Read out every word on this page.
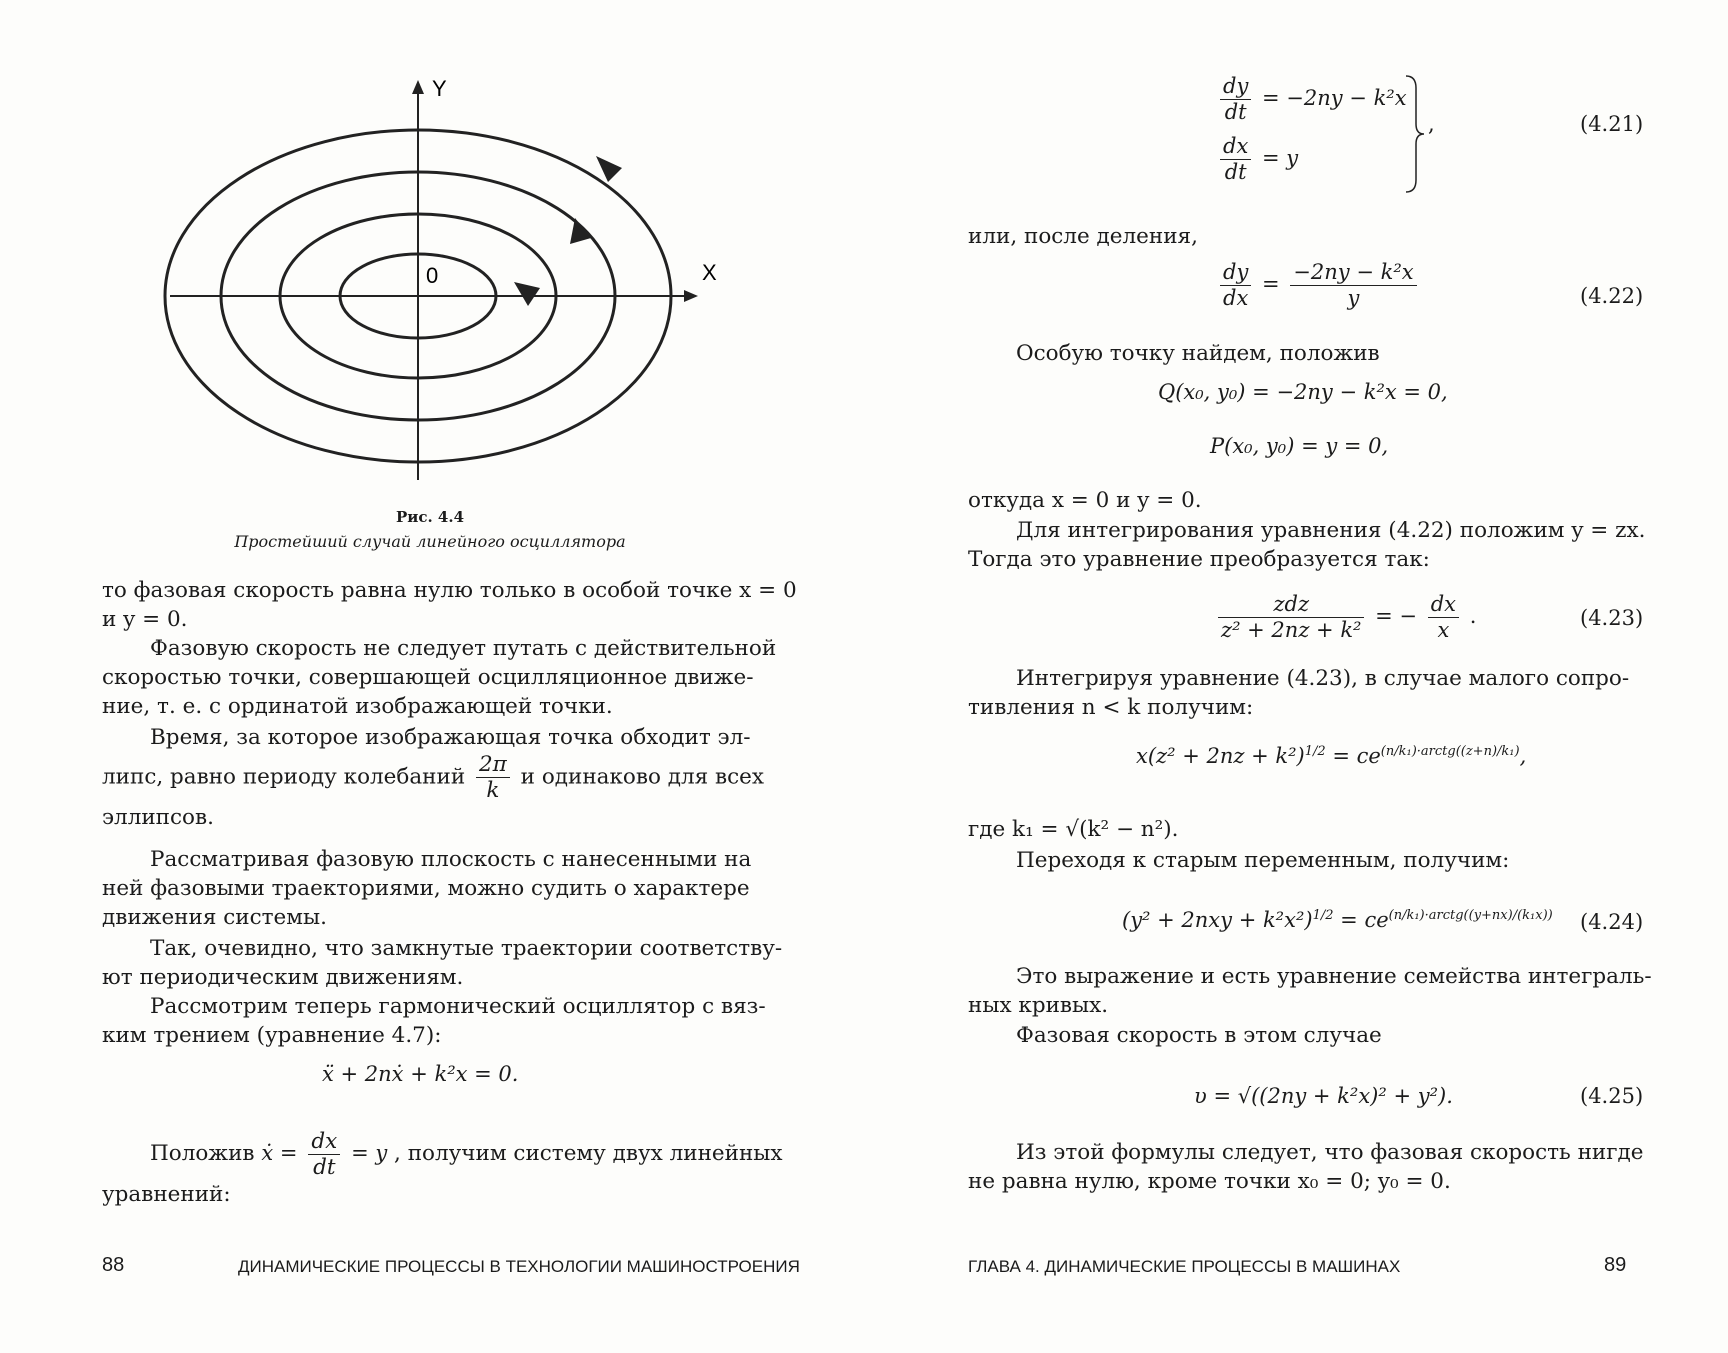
Y
X
0
Рис. 4.4
Простейший случай линейного осциллятора
то фазовая скорость равна нулю только в особой точке x = 0
и y = 0.
Фазовую скорость не следует путать с действительной
скоростью точки, совершающей осцилляционное движе-
ние, т. е. с ординатой изображающей точки.
Время, за которое изображающая точка обходит эл-
липс, равно периоду колебаний $\frac{2\pi}{k}$ и одинаково для всех
эллипсов.
Рассматривая фазовую плоскость с нанесенными на
ней фазовыми траекториями, можно судить о характере
движения системы.
Так, очевидно, что замкнутые траектории соответству-
ют периодическим движениям.
Рассмотрим теперь гармонический осциллятор с вяз-
ким трением (уравнение 4.7):
ẍ + 2nẋ + k²x = 0.
Положив ẋ = $\frac{dx}{dt} = y$ , получим систему двух линейных
уравнений:
88	ДИНАМИЧЕСКИЕ ПРОЦЕССЫ В ТЕХНОЛОГИИ МАШИНОСТРОЕНИЯ
$\frac{dy}{dt} = -2ny - k^2x$
$\frac{dx}{dt} = y$
,	(4.21)
или, после деления,
$\frac{dy}{dx} = \frac{\text{−2ny − k²x}}{y}$	(4.22)
Особую точку найдем, положив
Q(x₀, y₀) = −2ny − k²x = 0,
P(x₀, y₀) = y = 0,
откуда x = 0 и y = 0.
Для интегрирования уравнения (4.22) положим y = zx.
Тогда это уравнение преобразуется так:
$\frac{\text{zdz}}{\text{z² + 2nz + k²}}$ = − $\frac{dx}{x}$ .	(4.23)
Интегрируя уравнение (4.23), в случае малого сопро-
тивления n < k получим:
$x(z^2 + 2nz + k^2)^{1/2} = ce^{(n/k_1)\cdot arctg((z+n)/k_1)}$,
где k₁ = √(k² − n²).
Переходя к старым переменным, получим:
$(y^2 + 2nxy + k^2x^2)^{1/2} = ce^{(n/k_1)\cdot arctg((y+nx)/(k_1x))}$ (4.24)
Это выражение и есть уравнение семейства интеграль-
ных кривых.
Фазовая скорость в этом случае
υ = √((2ny + k²x)² + y²).	(4.25)
Из этой формулы следует, что фазовая скорость нигде
не равна нулю, кроме точки x₀ = 0; y₀ = 0.
ГЛАВА 4. ДИНАМИЧЕСКИЕ ПРОЦЕССЫ В МАШИНАХ	89
